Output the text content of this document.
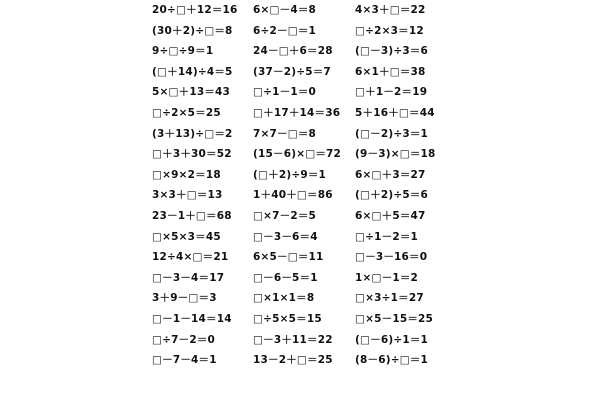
20÷□＋12＝16
(30＋2)÷□＝8
9÷□÷9＝1
(□＋14)÷4＝5
5×□＋13＝43
□÷2×5＝25
(3＋13)÷□＝2
□＋3＋30＝52
□×9×2＝18
3×3＋□＝13
23－1＋□＝68
□×5×3＝45
12÷4×□＝21
□－3－4＝17
3＋9－□＝3
□－1－14＝14
□÷7－2＝0
□－7－4＝1
6×□－4＝8
6÷2－□＝1
24－□＋6＝28
(37－2)÷5＝7
□÷1－1＝0
□＋17＋14＝36
7×7－□＝8
(15－6)×□＝72
(□＋2)÷9＝1
1＋40＋□＝86
□×7－2＝5
□－3－6＝4
6×5－□＝11
□－6－5＝1
□×1×1＝8
□÷5×5＝15
□－3＋11＝22
13－2＋□＝25
4×3＋□＝22
□÷2×3＝12
(□－3)÷3＝6
6×1＋□＝38
□＋1－2＝19
5＋16＋□＝44
(□－2)÷3＝1
(9－3)×□＝18
6×□＋3＝27
(□＋2)÷5＝6
6×□＋5＝47
□÷1－2＝1
□－3－16＝0
1×□－1＝2
□×3÷1＝27
□×5－15＝25
(□－6)÷1＝1
(8－6)÷□＝1
